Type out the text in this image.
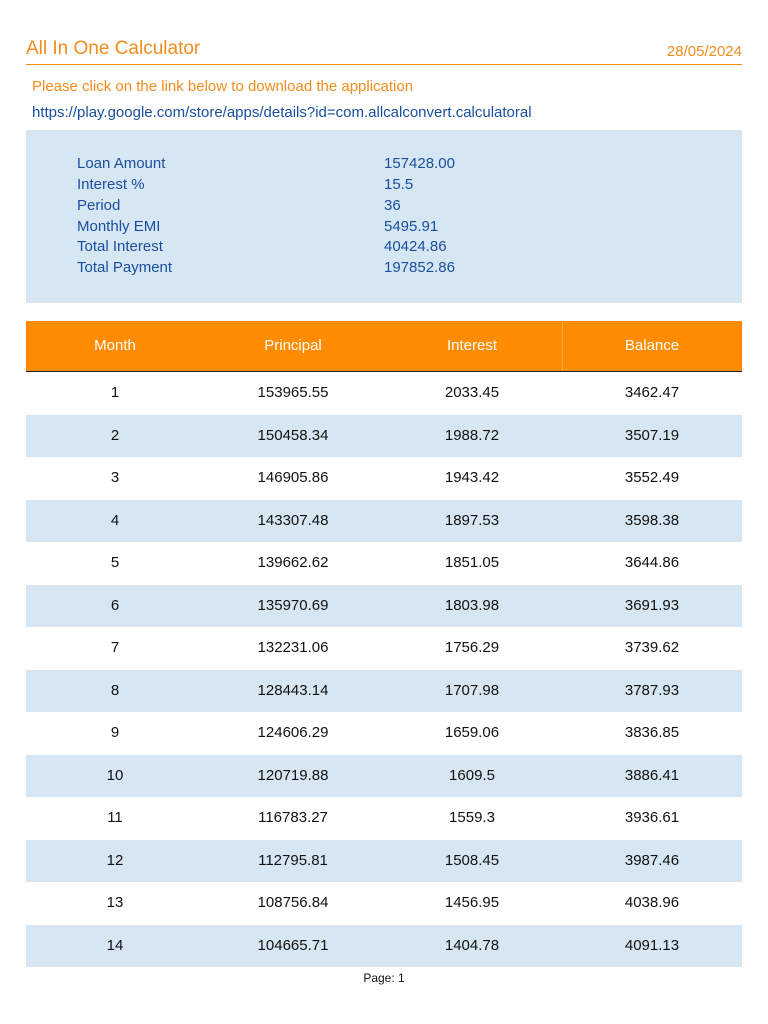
All In One Calculator	28/05/2024
Please click on the link below to download the application
https://play.google.com/store/apps/details?id=com.allcalconvert.calculatoral
Loan Amount	157428.00
Interest %	15.5
Period	36
Monthly EMI	5495.91
Total Interest	40424.86
Total Payment	197852.86
Month	Principal	Interest	Balance
1	153965.55	2033.45	3462.47
2	150458.34	1988.72	3507.19
3	146905.86	1943.42	3552.49
4	143307.48	1897.53	3598.38
5	139662.62	1851.05	3644.86
6	135970.69	1803.98	3691.93
7	132231.06	1756.29	3739.62
8	128443.14	1707.98	3787.93
9	124606.29	1659.06	3836.85
10	120719.88	1609.5	3886.41
11	116783.27	1559.3	3936.61
12	112795.81	1508.45	3987.46
13	108756.84	1456.95	4038.96
14	104665.71	1404.78	4091.13
Page: 1
